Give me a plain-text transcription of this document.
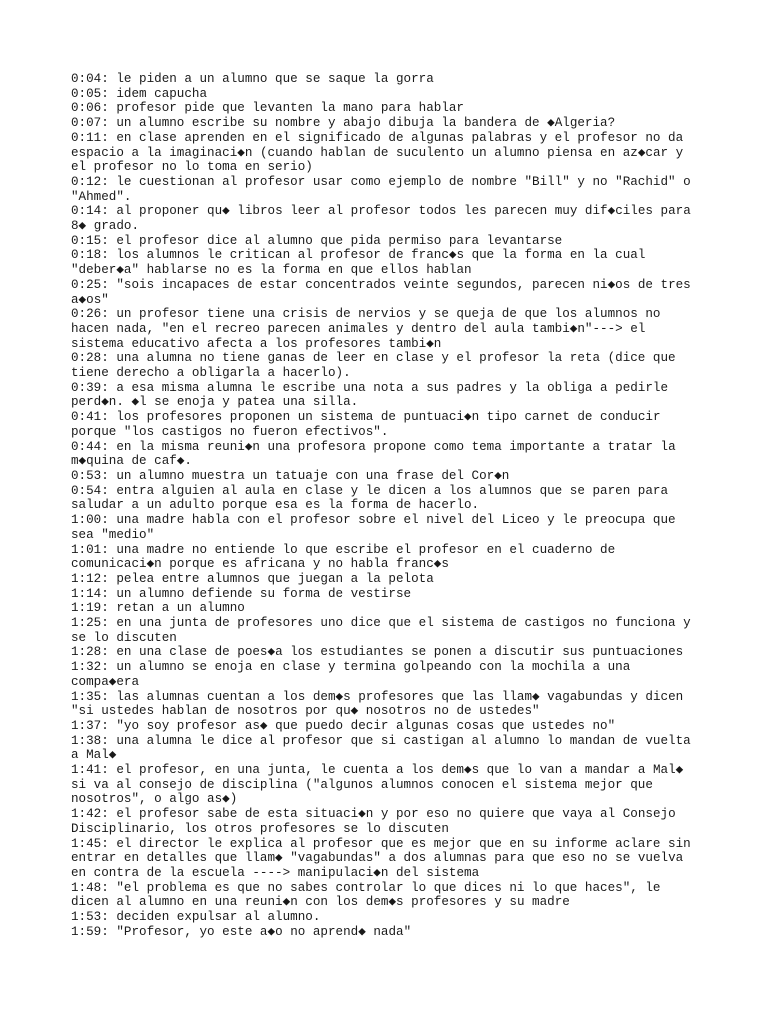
0:04: le piden a un alumno que se saque la gorra
0:05: idem capucha
0:06: profesor pide que levanten la mano para hablar
0:07: un alumno escribe su nombre y abajo dibuja la bandera de ◆Algeria?
0:11: en clase aprenden en el significado de algunas palabras y el profesor no da espacio a la imaginaci◆n (cuando hablan de suculento un alumno piensa en az◆car y el profesor no lo toma en serio)
0:12: le cuestionan al profesor usar como ejemplo de nombre "Bill" y no "Rachid" o "Ahmed".
0:14: al proponer qu◆ libros leer al profesor todos les parecen muy dif◆ciles para 8◆ grado.
0:15: el profesor dice al alumno que pida permiso para levantarse
0:18: los alumnos le critican al profesor de franc◆s que la forma en la cual "deber◆a" hablarse no es la forma en que ellos hablan
0:25: "sois incapaces de estar concentrados veinte segundos, parecen ni◆os de tres a◆os"
0:26: un profesor tiene una crisis de nervios y se queja de que los alumnos no hacen nada, "en el recreo parecen animales y dentro del aula tambi◆n"---> el sistema educativo afecta a los profesores tambi◆n
0:28: una alumna no tiene ganas de leer en clase y el profesor la reta (dice que tiene derecho a obligarla a hacerlo).
0:39: a esa misma alumna le escribe una nota a sus padres y la obliga a pedirle perd◆n. ◆l se enoja y patea una silla.
0:41: los profesores proponen un sistema de puntuaci◆n tipo carnet de conducir porque "los castigos no fueron efectivos".
0:44: en la misma reuni◆n una profesora propone como tema importante a tratar la m◆quina de caf◆.
0:53: un alumno muestra un tatuaje con una frase del Cor◆n
0:54: entra alguien al aula en clase y le dicen a los alumnos que se paren para saludar a un adulto porque esa es la forma de hacerlo.
1:00: una madre habla con el profesor sobre el nivel del Liceo y le preocupa que sea "medio"
1:01: una madre no entiende lo que escribe el profesor en el cuaderno de comunicaci◆n porque es africana y no habla franc◆s
1:12: pelea entre alumnos que juegan a la pelota
1:14: un alumno defiende su forma de vestirse
1:19: retan a un alumno
1:25: en una junta de profesores uno dice que el sistema de castigos no funciona y se lo discuten
1:28: en una clase de poes◆a los estudiantes se ponen a discutir sus puntuaciones
1:32: un alumno se enoja en clase y termina golpeando con la mochila a una compa◆era
1:35: las alumnas cuentan a los dem◆s profesores que las llam◆ vagabundas y dicen "si ustedes hablan de nosotros por qu◆ nosotros no de ustedes"
1:37: "yo soy profesor as◆ que puedo decir algunas cosas que ustedes no"
1:38: una alumna le dice al profesor que si castigan al alumno lo mandan de vuelta a Mal◆
1:41: el profesor, en una junta, le cuenta a los dem◆s que lo van a mandar a Mal◆ si va al consejo de disciplina ("algunos alumnos conocen el sistema mejor que nosotros", o algo as◆)
1:42: el profesor sabe de esta situaci◆n y por eso no quiere que vaya al Consejo Disciplinario, los otros profesores se lo discuten
1:45: el director le explica al profesor que es mejor que en su informe aclare sin entrar en detalles que llam◆ "vagabundas" a dos alumnas para que eso no se vuelva en contra de la escuela ----> manipulaci◆n del sistema
1:48: "el problema es que no sabes controlar lo que dices ni lo que haces", le dicen al alumno en una reuni◆n con los dem◆s profesores y su madre
1:53: deciden expulsar al alumno.
1:59: "Profesor, yo este a◆o no aprend◆ nada"
